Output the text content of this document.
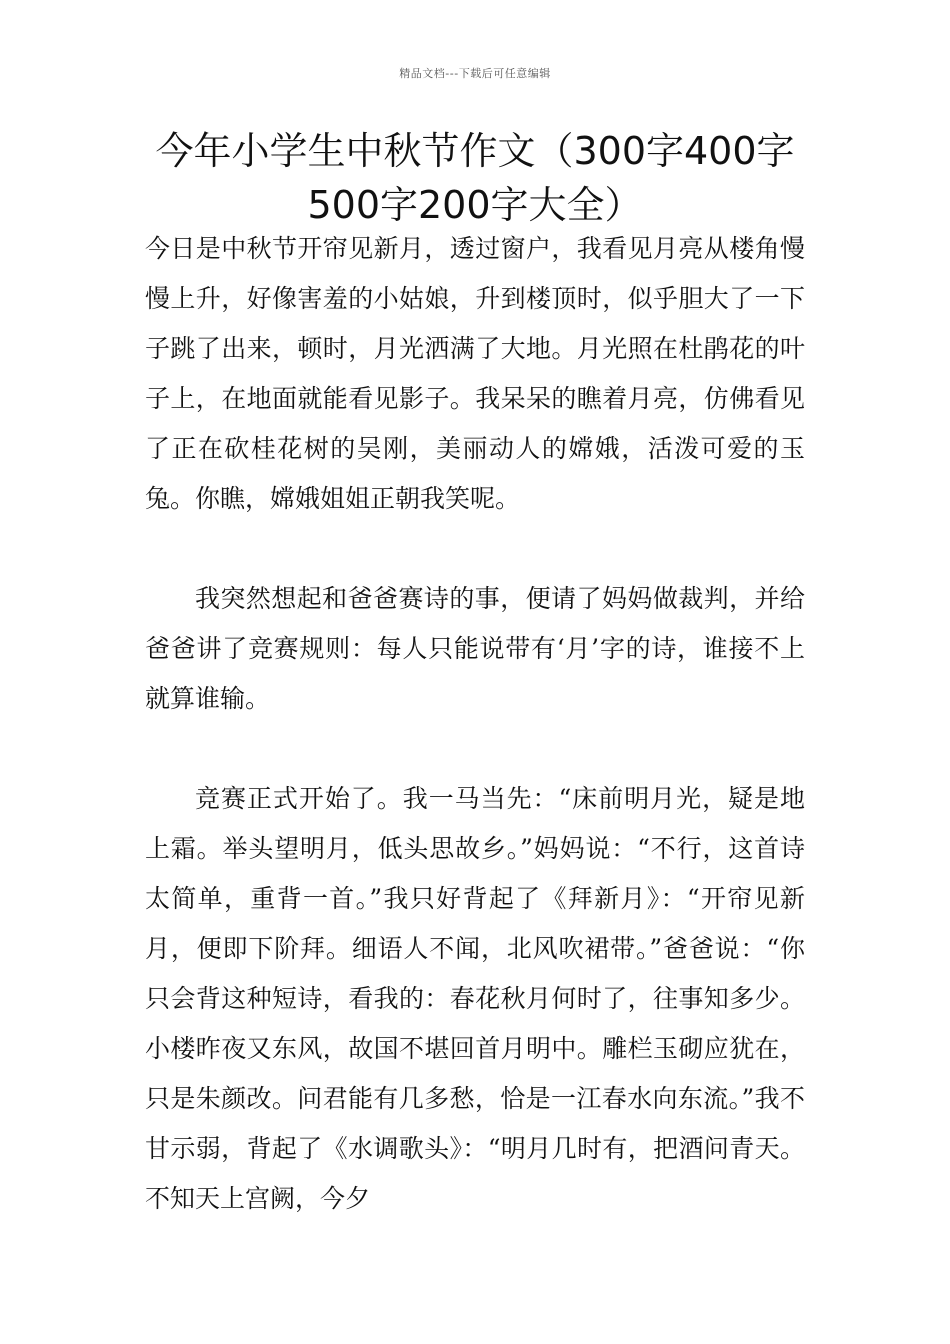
精品文档---下载后可任意编辑
今年小学生中秋节作文（300字400字500字200字大全）

今日是中秋节开帘见新月，透过窗户，我看见月亮从楼角慢慢上升，好像害羞的小姑娘，升到楼顶时，似乎胆大了一下子跳了出来，顿时，月光洒满了大地。月光照在杜鹃花的叶子上，在地面就能看见影子。我呆呆的瞧着月亮，仿佛看见了正在砍桂花树的吴刚，美丽动人的嫦娥，活泼可爱的玉兔。你瞧，嫦娥姐姐正朝我笑呢。

我突然想起和爸爸赛诗的事，便请了妈妈做裁判，并给爸爸讲了竞赛规则：每人只能说带有‘月’字的诗，谁接不上就算谁输。

竞赛正式开始了。我一马当先：“床前明月光，疑是地上霜。举头望明月，低头思故乡。”妈妈说：“不行，这首诗太简单，重背一首。”我只好背起了《拜新月》：“开帘见新月，便即下阶拜。细语人不闻，北风吹裙带。”爸爸说：“你只会背这种短诗，看我的：春花秋月何时了，往事知多少。小楼昨夜又东风，故国不堪回首月明中。雕栏玉砌应犹在，只是朱颜改。问君能有几多愁，恰是一江春水向东流。”我不甘示弱，背起了《水调歌头》：“明月几时有，把酒问青天。不知天上宫阙，今夕
